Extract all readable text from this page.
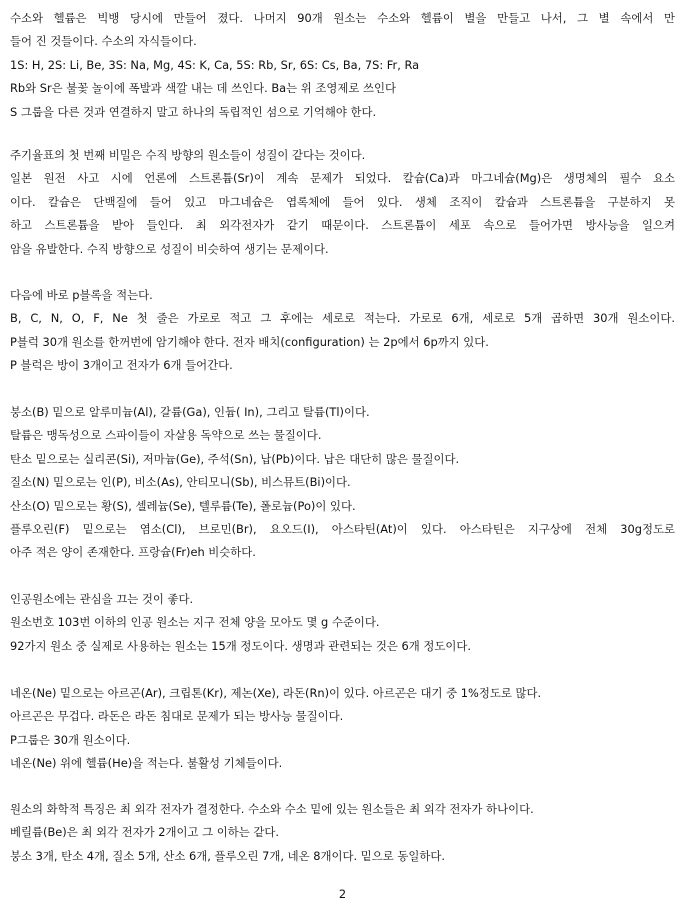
수소와 헬륨은 빅뱅 당시에 만들어 졌다. 나머지 90개 원소는 수소와 헬륨이 별을 만들고 나서, 그 별 속에서 만
들어 진 것들이다. 수소의 자식들이다.
1S: H, 2S: Li, Be, 3S: Na, Mg, 4S: K, Ca, 5S: Rb, Sr, 6S: Cs, Ba, 7S: Fr, Ra
Rb와 Sr은 불꽃 놀이에 폭발과 색깔 내는 데 쓰인다. Ba는 위 조영제로 쓰인다
S 그룹을 다른 것과 연결하지 말고 하나의 독립적인 섬으로 기억해야 한다.
주기율표의 첫 번째 비밀은 수직 방향의 원소들이 성질이 같다는 것이다.
일본 원전 사고 시에 언론에 스트론튬(Sr)이 계속 문제가 되었다. 칼슘(Ca)과 마그네슘(Mg)은 생명체의 필수 요소
이다. 칼슘은 단백질에 들어 있고 마그네슘은 엽록체에 들어 있다. 생체 조직이 칼슘과 스트론튬을 구분하지 못
하고 스트론튬을 받아 들인다. 최 외각전자가 같기 때문이다. 스트론튬이 세포 속으로 들어가면 방사능을 일으켜
암을 유발한다. 수직 방향으로 성질이 비슷하여 생기는 문제이다.
다음에 바로 p블록을 적는다.
B, C, N, O, F, Ne 첫 줄은 가로로 적고 그 후에는 세로로 적는다. 가로로 6개, 세로로 5개 곱하면 30개 원소이다.
P블럭 30개 원소를 한꺼번에 암기해야 한다. 전자 배치(configuration) 는 2p에서 6p까지 있다.
P 블럭은 방이 3개이고 전자가 6개 들어간다.
붕소(B) 밑으로 알루미늄(Al), 갈륨(Ga), 인듐( In), 그리고 탈륨(Tl)이다.
탈륨은 맹독성으로 스파이들이 자살용 독약으로 쓰는 물질이다.
탄소 밑으로는 실리콘(Si), 저마늄(Ge), 주석(Sn), 납(Pb)이다. 납은 대단히 많은 물질이다.
질소(N) 밑으로는 인(P), 비소(As), 안티모니(Sb), 비스뮤트(Bi)이다.
산소(O) 밑으로는 황(S), 셀레늄(Se), 텔루륨(Te), 폴로늄(Po)이 있다.
플루오린(F) 밑으로는 염소(Cl), 브로민(Br), 요오드(I), 아스타틴(At)이 있다. 아스타틴은 지구상에 전체 30g정도로
아주 적은 양이 존재한다. 프랑슘(Fr)eh 비슷하다.
인공원소에는 관심을 끄는 것이 좋다.
원소번호 103번 이하의 인공 원소는 지구 전체 양을 모아도 몇 g 수준이다.
92가지 원소 중 실제로 사용하는 원소는 15개 정도이다. 생명과 관련되는 것은 6개 정도이다.
네온(Ne) 밑으로는 아르곤(Ar), 크립톤(Kr), 제논(Xe), 라돈(Rn)이 있다. 아르곤은 대기 중 1%정도로 많다.
아르곤은 무겁다. 라돈은 라돈 침대로 문제가 되는 방사능 물질이다.
P그룹은 30개 원소이다.
네온(Ne) 위에 헬륨(He)을 적는다. 불활성 기체들이다.
원소의 화학적 특징은 최 외각 전자가 결정한다. 수소와 수소 밑에 있는 원소들은 최 외각 전자가 하나이다.
베릴륨(Be)은 최 외각 전자가 2개이고 그 이하는 같다.
붕소 3개, 탄소 4개, 질소 5개, 산소 6개, 플루오린 7개, 네온 8개이다. 밑으로 동일하다.
2
